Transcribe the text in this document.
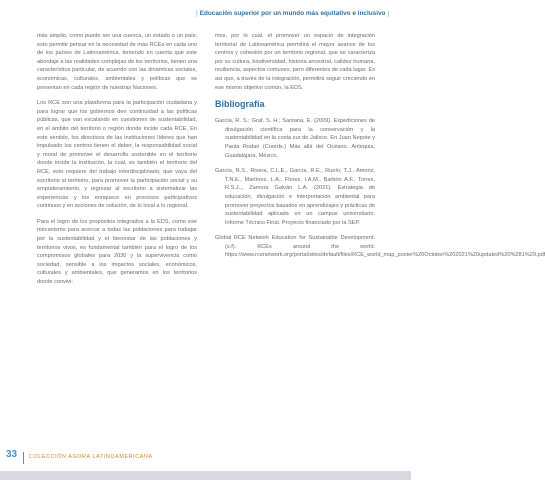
[ Educación superior por un mundo más equitativo e inclusivo ]

más amplio, como puede ser una cuenca, un estado o un país; esto permite pensar en la necesidad de más RCEs en cada uno de los países de Latinoamérica, teniendo en cuenta que este abordaje a las realidades complejas de los territorios, tienen una característica particular, de acuerdo con las dinámicas sociales, económicas, culturales, ambientales y políticas que se presentan en cada región de nuestras Naciones.

Los RCE son una plataforma para la participación ciudadana y para lograr que los gobiernos den continuidad a las políticas públicas, que van escalando en cuestiones de sustentabilidad, en el ámbito del territorio o región donde incide cada RCE. En este sentido, los directivos de las instituciones líderes que han impulsado los centros tienen el deber, la responsabilidad social y moral de promover el desarrollo sostenible en el territorio donde incide la institución, la cual, es también el territorio del RCE, esto requiere del trabajo interdisciplinario, que vaya del escritorio al territorio, para promover la participación social y su empoderamiento, y regresar al escritorio a sistematizar las experiencias y los enriquece en procesos participativos continuos y en acciones de solución, de lo local a lo regional.

Para el logro de los propósitos integrados a la EDS, como ese mecanismo para acercar a todas las poblaciones para trabajar por la sustentabilidad y el bienestar de las poblaciones y territorios vivos, es fundamental también para el logro de los compromisos globales para 2030 y la supervivencia como sociedad, sensible a los impactos sociales, económicos, culturales y ambientales, que generamos en los territorios donde convivi-

mos, por lo cual, el promover un espacio de integración territorial de Latinoamérica permitirá el mayor avance de los centros y cohesión por un territorio regional, que se caracteriza por su cultura, biodiversidad, historia ancestral, calidez humana, resiliencia, aspectos comunes, pero diferentes de cada lugar. Es así que, a través de la integración, permitirá seguir creciendo en ese mismo objetivo común, la EDS.

Bibliografía

García, R. S.; Graf, S. H.; Santana, E. (2009). Expediciones de divulgación científica para la conservación y la sustentabilidad en la costa sur de Jalisco. En Juan Nepote y Paola Rodari (Coords.) Más allá del Océano. Antequia, Guadalajara, México.

García, R.S., Rivera, C.L.E., García, R.E., Rueín, T.J., Amoriz, T.N.E., Martínez, L.A., Flores, I.A.M., Barbón A.F., Torres, R.S.J.,, Zamora Galván L.A. (2021). Estrategia de educación, divulgación e interpretación ambiental para promover proyectos basados en aprendizajes y prácticas de sustentabilidad aplicada en un campus universitario. Informe Técnico Final. Proyecto financiado por la SEP.

Global RCE Network Education for Sustainable Development. (s.f). RCEs around the world. https://www.rcenetwork.org/portal/sites/default/files/RCE_world_map_poster%20October%202021%20updated%20%281%29.pdf

33 COLECCIÓN AGORA LATINOAMERICANA
